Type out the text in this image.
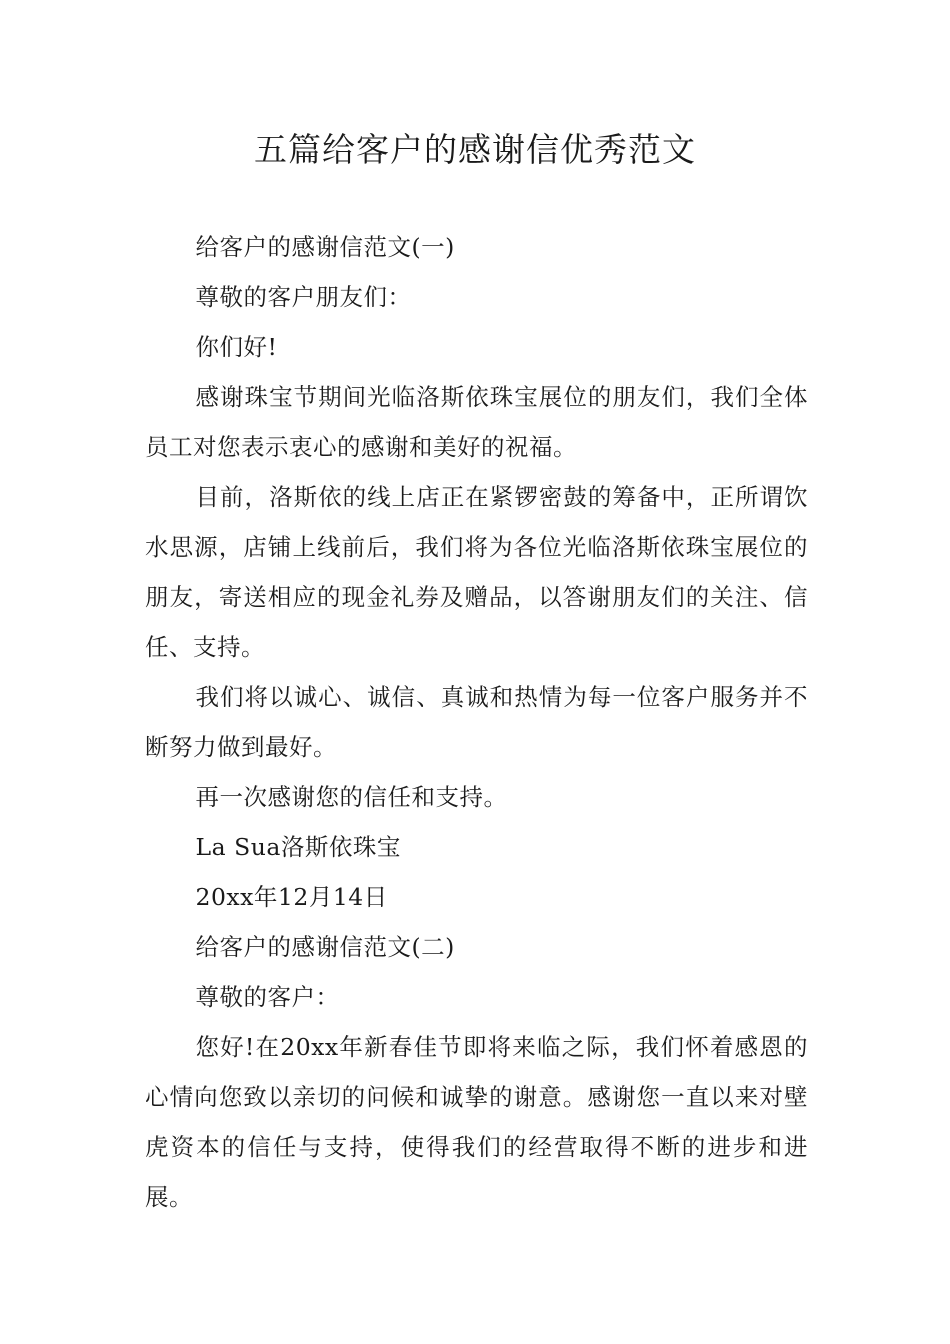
五篇给客户的感谢信优秀范文

给客户的感谢信范文(一)

尊敬的客户朋友们：

你们好!

感谢珠宝节期间光临洛斯依珠宝展位的朋友们，我们全体员工对您表示衷心的感谢和美好的祝福。

目前，洛斯依的线上店正在紧锣密鼓的筹备中，正所谓饮水思源，店铺上线前后，我们将为各位光临洛斯依珠宝展位的朋友，寄送相应的现金礼券及赠品，以答谢朋友们的关注、信任、支持。

我们将以诚心、诚信、真诚和热情为每一位客户服务并不断努力做到最好。

再一次感谢您的信任和支持。

La Sua洛斯依珠宝

20xx年12月14日

给客户的感谢信范文(二)

尊敬的客户：

您好!在20xx年新春佳节即将来临之际，我们怀着感恩的心情向您致以亲切的问候和诚挚的谢意。感谢您一直以来对壁虎资本的信任与支持，使得我们的经营取得不断的进步和进展。
